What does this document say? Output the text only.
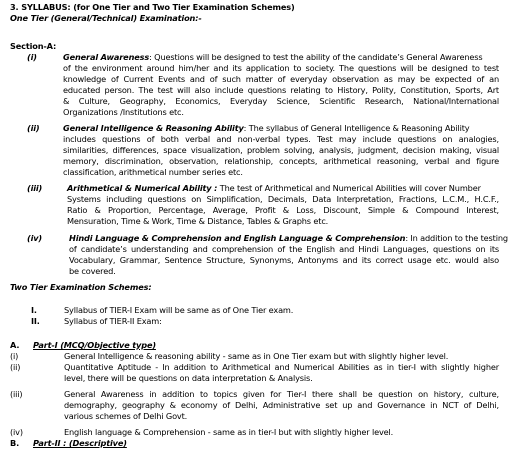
3. SYLLABUS: (for One Tier and Two Tier Examination Schemes)
One Tier (General/Technical) Examination:-
Section-A:
(i)	General Awareness: Questions will be designed to test the ability of the candidate’s General Awareness
of the environment around him/her and its application to society. The questions will be designed to test
knowledge of Current Events and of such matter of everyday observation as may be expected of an
educated person. The test will also include questions relating to History, Polity, Constitution, Sports, Art
& Culture, Geography, Economics, Everyday Science, Scientific Research, National/International
Organizations /Institutions etc.
(ii)	General Intelligence & Reasoning Ability: The syllabus of General Intelligence & Reasoning Ability
includes questions of both verbal and non-verbal types. Test may include questions on analogies,
similarities, differences, space visualization, problem solving, analysis, judgment, decision making, visual
memory, discrimination, observation, relationship, concepts, arithmetical reasoning, verbal and figure
classification, arithmetical number series etc.
(iii)	Arithmetical & Numerical Ability : The test of Arithmetical and Numerical Abilities will cover Number
Systems including questions on Simplification, Decimals, Data Interpretation, Fractions, L.C.M., H.C.F.,
Ratio & Proportion, Percentage, Average, Profit & Loss, Discount, Simple & Compound Interest,
Mensuration, Time & Work, Time & Distance, Tables & Graphs etc.
(iv)	Hindi Language & Comprehension and English Language & Comprehension: In addition to the testing
of candidate’s understanding and comprehension of the English and Hindi Languages, questions on its
Vocabulary, Grammar, Sentence Structure, Synonyms, Antonyms and its correct usage etc. would also
be covered.
Two Tier Examination Schemes:
I.	Syllabus of TIER-I Exam will be same as of One Tier exam.
II.	Syllabus of TIER-II Exam:
A. Part-I (MCQ/Objective type)
(i)	General Intelligence & reasoning ability - same as in One Tier exam but with slightly higher level.
(ii)	Quantitative Aptitude - In addition to Arithmetical and Numerical Abilities as in tier-I with slightly higher
level, there will be questions on data interpretation & Analysis.
(iii)	General Awareness in addition to topics given for Tier-I there shall be question on history, culture,
demography, geography & economy of Delhi, Administrative set up and Governance in NCT of Delhi,
various schemes of Delhi Govt.
(iv)	English language & Comprehension - same as in tier-I but with slightly higher level.
B. Part-II : (Descriptive)
